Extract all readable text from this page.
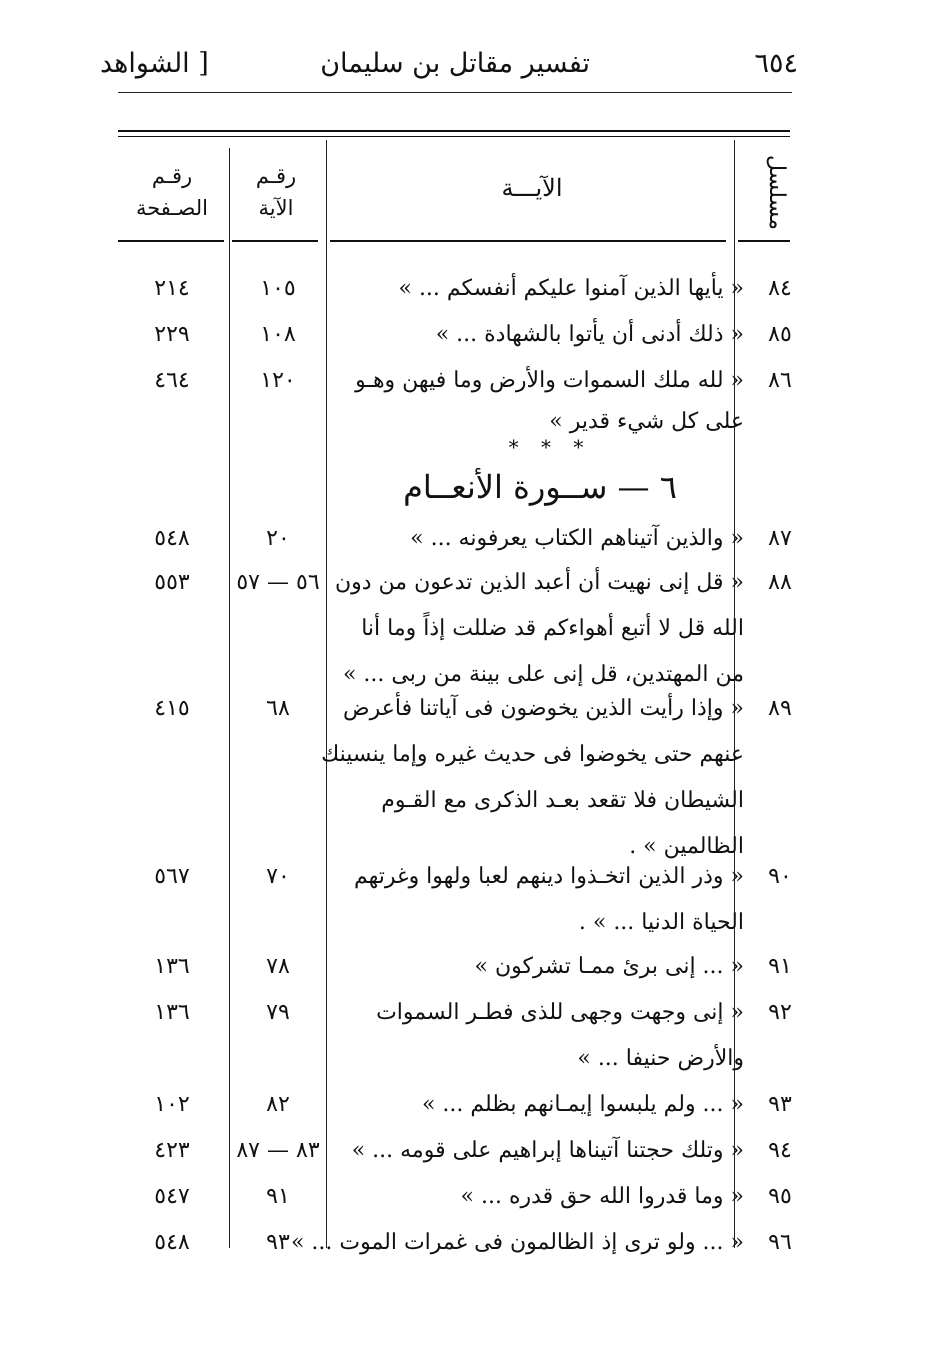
٦٥٤
تفسير مقاتل بن سليمان
[ الشواهد
مسلسل
الآيـــة
رقـم
الآية
رقـم
الصـفحة
٨٤
« يأيها الذين آمنوا عليكم أنفسكم ... »
١٠٥
٢١٤
٨٥
« ذلك أدنى أن يأتوا بالشهادة ... »
١٠٨
٢٢٩
٨٦
« لله ملك السموات والأرض وما فيهن وهـو
على كل شيء قدير »
١٢٠
٤٦٤
* * *
٦ — ســورة الأنعــام
٨٧
« والذين آتيناهم الكتاب يعرفونه ... »
٢٠
٥٤٨
٨٨
« قل إنى نهيت أن أعبد الذين تدعون من دون
الله قل لا أتبع أهواءكم قد ضللت إذاً وما أنا
من المهتدين، قل إنى على بينة من ربى ... »
٥٦ — ٥٧
٥٥٣
٨٩
« وإذا رأيت الذين يخوضون فى آياتنا فأعرض
عنهم حتى يخوضوا فى حديث غيره وإما ينسينك
الشيطان فلا تقعد بعـد الذكرى مع القـوم
الظالمين » .
٦٨
٤١٥
٩٠
« وذر الذين اتخـذوا دينهم لعبا ولهوا وغرتهم
الحياة الدنيا ... » .
٧٠
٥٦٧
٩١
« ... إنى برئ ممـا تشركون »
٧٨
١٣٦
٩٢
« إنى وجهت وجهى للذى فطـر السموات
والأرض حنيفا ... »
٧٩
١٣٦
٩٣
« ... ولم يلبسوا إيمـانهم بظلم ... »
٨٢
١٠٢
٩٤
« وتلك حجتنا آتيناها إبراهيم على قومه ... »
٨٣ — ٨٧
٤٢٣
٩٥
« وما قدروا الله حق قدره ... »
٩١
٥٤٧
٩٦
« ... ولو ترى إذ الظالمون فى غمرات الموت ... »
٩٣
٥٤٨
